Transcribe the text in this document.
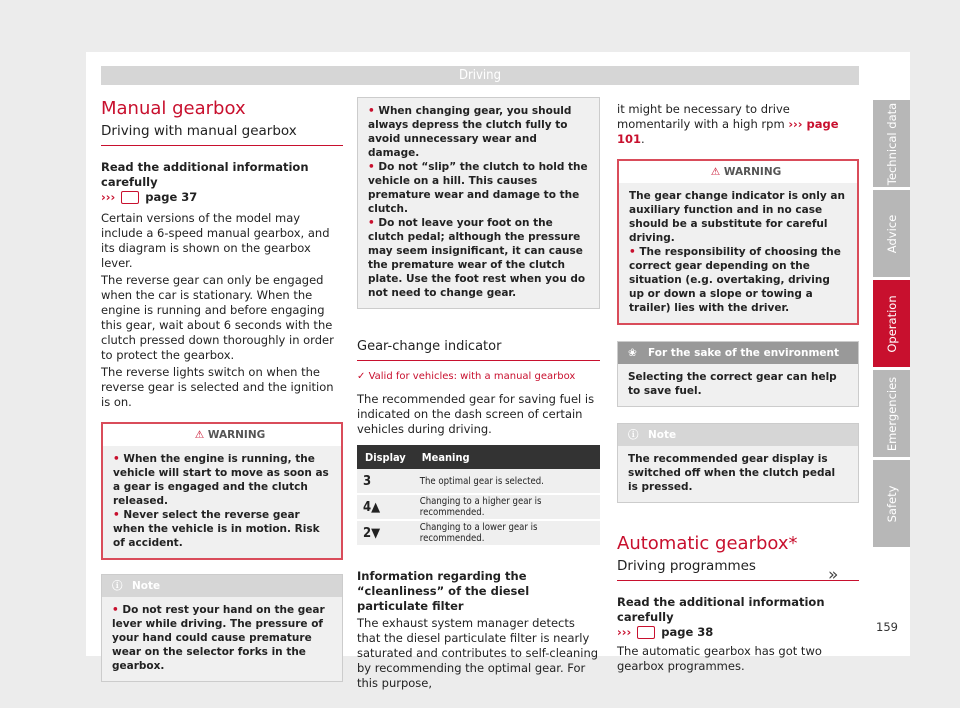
Driving
Manual gearbox
Driving with manual gearbox
Read the additional information carefully
›››	page 37

Certain versions of the model may include a 6-speed manual gearbox, and its diagram is shown on the gearbox lever.

The reverse gear can only be engaged when the car is stationary. When the engine is running and before engaging this gear, wait about 6 seconds with the clutch pressed down thoroughly in order to protect the gearbox.

The reverse lights switch on when the reverse gear is selected and the ignition is on.

⚠ WARNING
• When the engine is running, the vehicle will start to move as soon as a gear is engaged and the clutch released.
• Never select the reverse gear when the vehicle is in motion. Risk of accident.
ⓘ Note
• Do not rest your hand on the gear lever while driving. The pressure of your hand could cause premature wear on the selector forks in the gearbox.
• When changing gear, you should always depress the clutch fully to avoid unnecessary wear and damage.
• Do not “slip” the clutch to hold the vehicle on a hill. This causes premature wear and damage to the clutch.
• Do not leave your foot on the clutch pedal; although the pressure may seem insignificant, it can cause the premature wear of the clutch plate. Use the foot rest when you do not need to change gear.
Gear-change indicator
✓ Valid for vehicles: with a manual gearbox

The recommended gear for saving fuel is indicated on the dash screen of certain vehicles during driving.

Display	Meaning
3	The optimal gear is selected.
4▲	Changing to a higher gear is recommended.
2▼	Changing to a lower gear is recommended.
Information regarding the “cleanliness” of the diesel particulate filter

The exhaust system manager detects that the diesel particulate filter is nearly saturated and contributes to self-cleaning by recommending the optimal gear. For this purpose,

it might be necessary to drive momentarily with a high rpm ››› page 101.

⚠ WARNING
The gear change indicator is only an auxiliary function and in no case should be a substitute for careful driving.
• The responsibility of choosing the correct gear depending on the situation (e.g. overtaking, driving up or down a slope or towing a trailer) lies with the driver.
❀ For the sake of the environment
Selecting the correct gear can help to save fuel.
ⓘ Note
The recommended gear display is switched off when the clutch pedal is pressed.
Automatic gearbox*
Driving programmes
Read the additional information carefully
›››	page 38

The automatic gearbox has got two gearbox programmes.

»
Technical data
Advice
Operation
Emergencies
Safety
159
